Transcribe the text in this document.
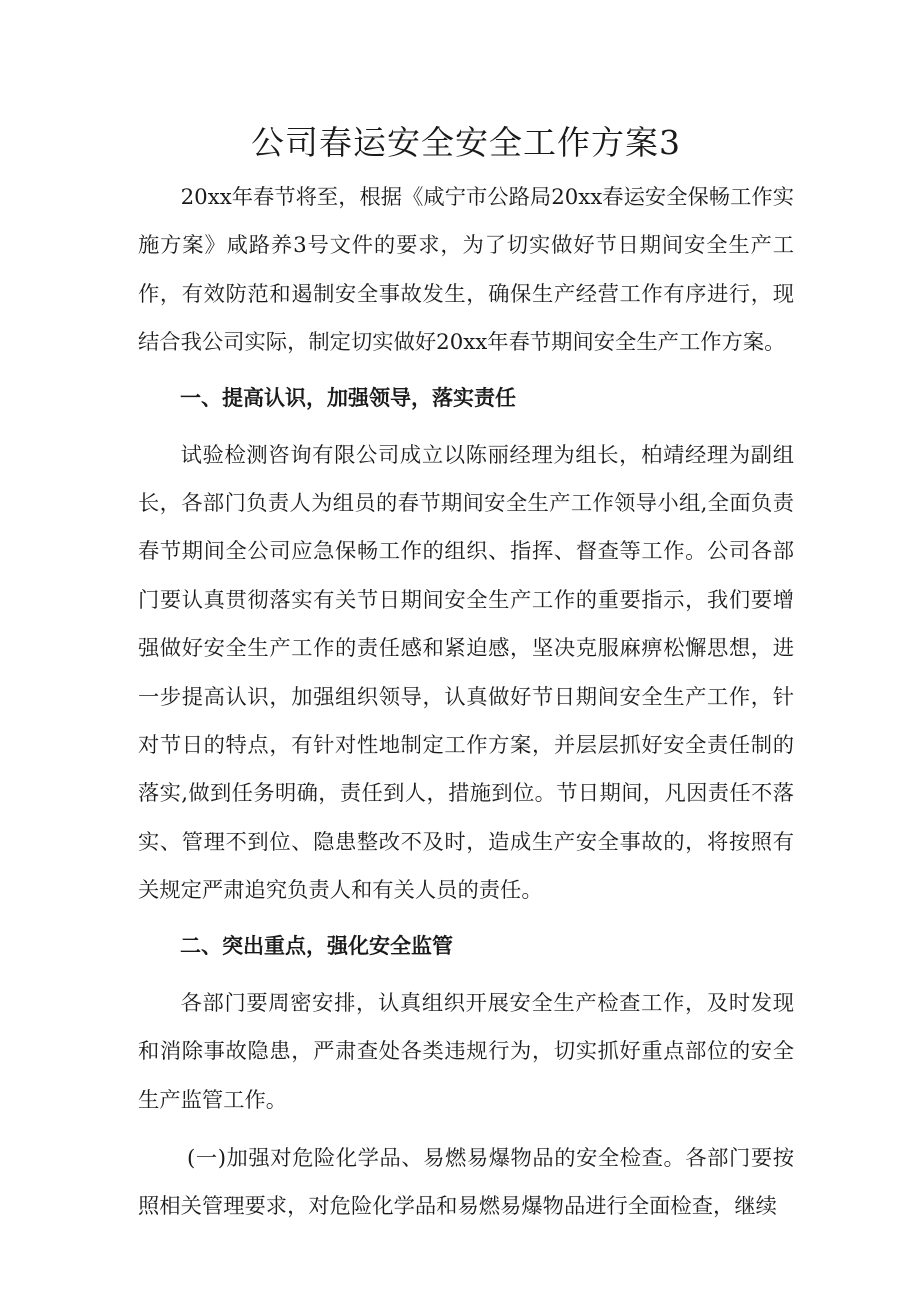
公司春运安全安全工作方案3

20xx年春节将至，根据《咸宁市公路局20xx春运安全保畅工作实施方案》咸路养3号文件的要求，为了切实做好节日期间安全生产工作，有效防范和遏制安全事故发生，确保生产经营工作有序进行，现结合我公司实际，制定切实做好20xx年春节期间安全生产工作方案。

一、提高认识，加强领导，落实责任

试验检测咨询有限公司成立以陈丽经理为组长，柏靖经理为副组长，各部门负责人为组员的春节期间安全生产工作领导小组,全面负责春节期间全公司应急保畅工作的组织、指挥、督查等工作。公司各部门要认真贯彻落实有关节日期间安全生产工作的重要指示，我们要增强做好安全生产工作的责任感和紧迫感，坚决克服麻痹松懈思想，进一步提高认识，加强组织领导，认真做好节日期间安全生产工作，针对节日的特点，有针对性地制定工作方案，并层层抓好安全责任制的落实,做到任务明确，责任到人，措施到位。节日期间，凡因责任不落实、管理不到位、隐患整改不及时，造成生产安全事故的，将按照有关规定严肃追究负责人和有关人员的责任。

二、突出重点，强化安全监管

各部门要周密安排，认真组织开展安全生产检查工作，及时发现和消除事故隐患，严肃查处各类违规行为，切实抓好重点部位的安全生产监管工作。

(一)加强对危险化学品、易燃易爆物品的安全检查。各部门要按照相关管理要求，对危险化学品和易燃易爆物品进行全面检查，继续
